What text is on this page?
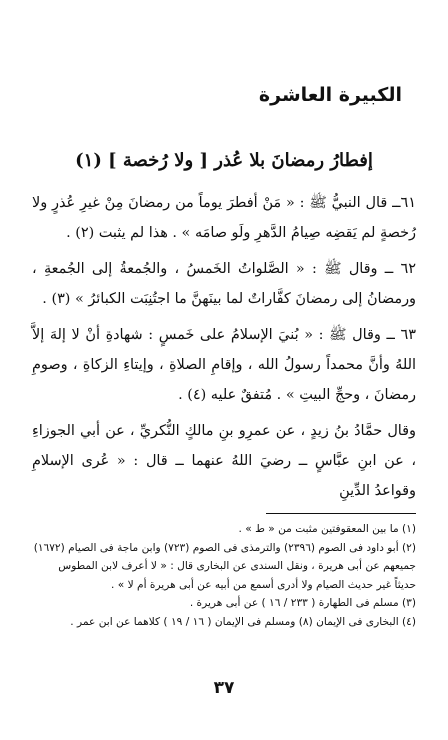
الكبيرة العاشرة
إفطارُ رمضانَ بلا عُذر [ ولا رُخصة ] (١)

٦١ــ قال النبيُّ ﷺ : « مَنْ أفطرَ يوماً من رمضانَ مِنْ غيرِ عُذرٍ ولا رُخصةٍ لم يَقضِه صِيامُ الدَّهرِ ولَو صامَه » . هذا لم يثبت (٢) .

٦٢ ــ وقال ﷺ : « الصَّلواتُ الخَمسُ ، والجُمعةُ إلى الجُمعةِ ، ورمضانُ إلى رمضانَ كفَّاراتٌ لما بينَهنَّ ما اجتُنِبَت الكبائرُ » (٣) .

٦٣ ــ وقال ﷺ : « بُنيَ الإسلامُ على خَمسٍ : شهادةِ أنْ لا إلهَ إلاَّ اللهُ وأنَّ محمداً رسولُ الله ، وإقامِ الصلاةِ ، وإيتاءِ الزكاةِ ، وصومِ رمضانَ ، وحجِّ البيتِ » . مُتفقٌ عليه (٤) .

وقال حمَّادُ بنُ زيدٍ ، عن عمرِو بنِ مالكٍ النُّكريِّ ، عن أبي الجوزاءِ ، عن ابنِ عبَّاسٍ ــ رضيَ اللهُ عنهما ــ قال : « عُرى الإسلامِ وقواعدُ الدِّينِ

(١) ما بين المعقوفتين مثبت من « ط » .

(٢) أبو داود فى الصوم (٢٣٩٦) والترمذى فى الصوم (٧٢٣) وابن ماجة فى الصيام (١٦٧٢)

جميعهم عن أبى هريرة ، ونقل السندى عن البخارى قال : « لا أعرف لابن المطوس

حديثاً غير حديث الصيام ولا أدرى أسمع من أبيه عن أبى هريرة أم لا » .

(٣) مسلم فى الطهارة ( ٢٣٣ / ١٦ ) عن أبى هريرة .

(٤) البخارى فى الإيمان (٨) ومسلم فى الإيمان ( ١٦ / ١٩ ) كلاهما عن ابن عمر .

٣٧
